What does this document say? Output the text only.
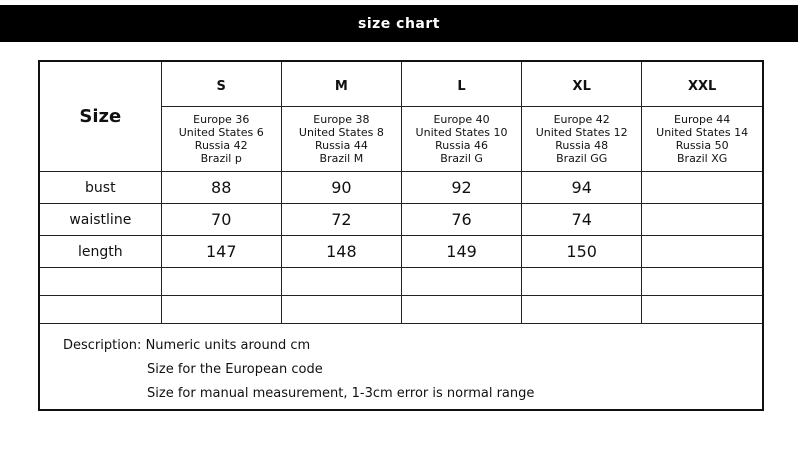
size chart
Size	S	M	L	XL	XXL

	Europe 36
United States 6
Russia 42
Brazil p	Europe 38
United States 8
Russia 44
Brazil M	Europe 40
United States 10
Russia 46
Brazil G	Europe 42
United States 12
Russia 48
Brazil GG	Europe 44
United States 14
Russia 50
Brazil XG

bust	88	90	92	94	
waistline	70	72	76	74	
length	147	148	149	150	

Description: Numeric units around cm
Size for the European code
Size for manual measurement, 1-3cm error is normal range
